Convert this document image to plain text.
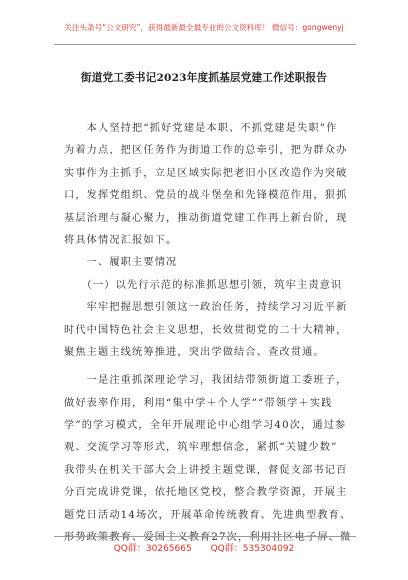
关注头条号“公文研究”，获得最新最全最专业的公文资料库！ 微信号：gongwenyj
街道党工委书记2023年度抓基层党建工作述职报告
　　本人坚持把“抓好党建是本职、不抓党建是失职”作
为着力点，把区任务作为街道工作的总牵引，把为群众办
实事作为主抓手，立足区域实际把老旧小区改造作为突破
口，发挥党组织、党员的战斗堡垒和先锋模范作用，狠抓
基层治理与凝心聚力，推动街道党建工作再上新台阶，现
将具体情况汇报如下。
　　一、履职主要情况
　　（一）以先行示范的标准抓思想引领，筑牢主责意识
　　牢牢把握思想引领这一政治任务，持续学习习近平新
时代中国特色社会主义思想，长效贯彻党的二十大精神，
聚焦主题主线统筹推进，突出学做结合、查改贯通。
　　一是注重抓深理论学习，我团结带领街道工委班子，
做好表率作用，利用“集中学＋个人学”“带领学＋实践
学”的学习模式，全年开展理论中心组学习40次，通过参
观、交流学习等形式，筑牢理想信念，紧抓“关键少数”
我带头在机关干部大会上讲授主题党课，督促支部书记百
分百完成讲党课，依托地区党校，整合教学资源，开展主
题党日活动14场次，开展革命传统教育、先进典型教育、
形势政策教育、爱国主义教育27次，利用社区电子屏、微
QQ群：30265665 QQ群：535304092
